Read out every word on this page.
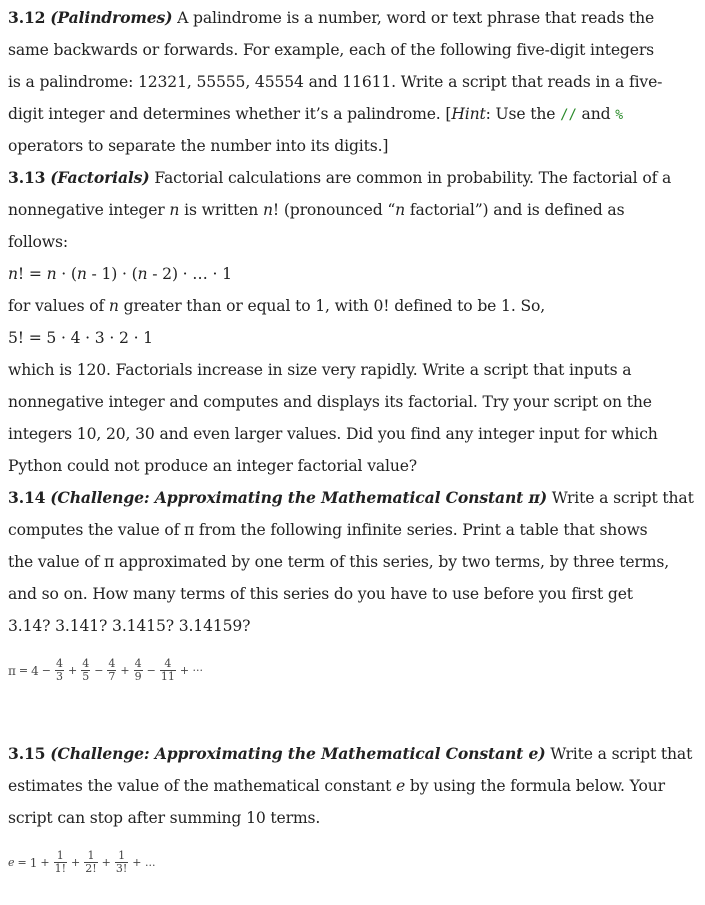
3.12 (Palindromes) A palindrome is a number, word or text phrase that reads the
same backwards or forwards. For example, each of the following five-digit integers
is a palindrome: 12321, 55555, 45554 and 11611. Write a script that reads in a five-
digit integer and determines whether it’s a palindrome. [Hint: Use the // and %
operators to separate the number into its digits.]
3.13 (Factorials) Factorial calculations are common in probability. The factorial of a
nonnegative integer n is written n! (pronounced “n factorial”) and is defined as
follows:
n! = n · (n - 1) · (n - 2) · … · 1
for values of n greater than or equal to 1, with 0! defined to be 1. So,
5! = 5 · 4 · 3 · 2 · 1
which is 120. Factorials increase in size very rapidly. Write a script that inputs a
nonnegative integer and computes and displays its factorial. Try your script on the
integers 10, 20, 30 and even larger values. Did you find any integer input for which
Python could not produce an integer factorial value?
3.14 (Challenge: Approximating the Mathematical Constant π) Write a script that
computes the value of π from the following infinite series. Print a table that shows
the value of π approximated by one term of this series, by two terms, by three terms,
and so on. How many terms of this series do you have to use before you first get
3.14? 3.141? 3.1415? 3.14159?
$\pi = 4 - \frac{4}{3} + \frac{4}{5} - \frac{4}{7} + \frac{4}{9} - \frac{4}{11}$ + ···
3.15 (Challenge: Approximating the Mathematical Constant e) Write a script that
estimates the value of the mathematical constant e by using the formula below. Your
script can stop after summing 10 terms.
$e = 1 + \frac{1}{1!} + \frac{1}{2!} + \frac{1}{3!}$ + ...
